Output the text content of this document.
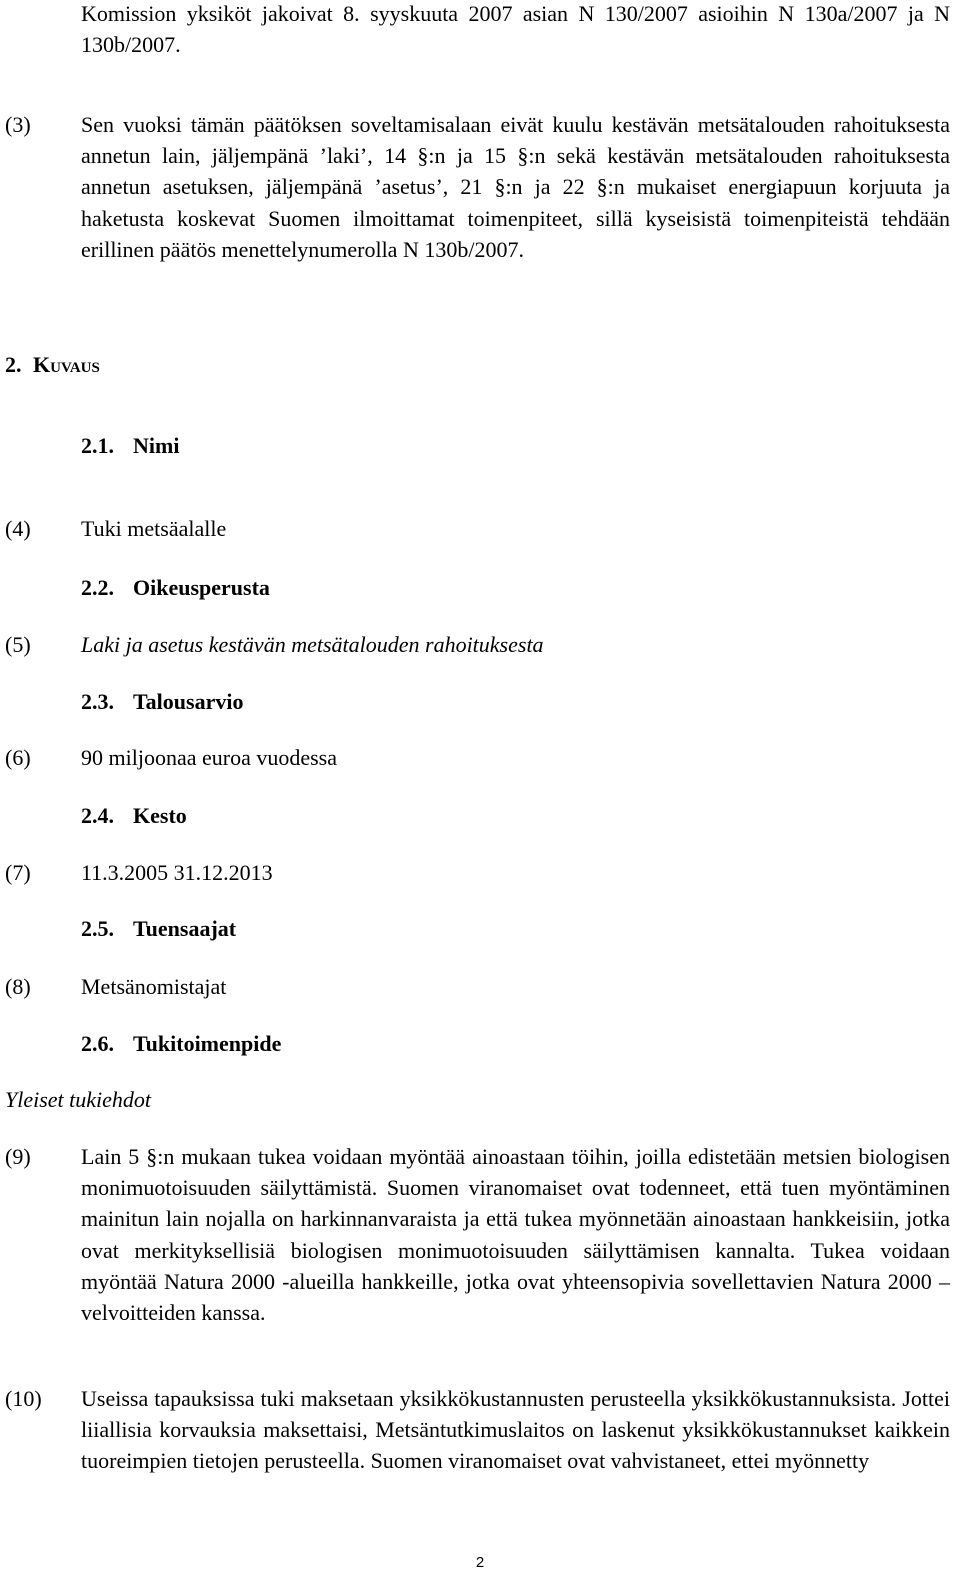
Komission yksiköt jakoivat 8. syyskuuta 2007 asian N 130/2007 asioihin N 130a/2007 ja N 130b/2007.
(3) Sen vuoksi tämän päätöksen soveltamisalaan eivät kuulu kestävän metsätalouden rahoituksesta annetun lain, jäljempänä ’laki’, 14 §:n ja 15 §:n sekä kestävän metsätalouden rahoituksesta annetun asetuksen, jäljempänä ’asetus’, 21 §:n ja 22 §:n mukaiset energiapuun korjuuta ja haketusta koskevat Suomen ilmoittamat toimenpiteet, sillä kyseisistä toimenpiteistä tehdään erillinen päätös menettelynumerolla N 130b/2007.
2. Kuvaus
2.1. Nimi
(4) Tuki metsäalalle
2.2. Oikeusperusta
(5) Laki ja asetus kestävän metsätalouden rahoituksesta
2.3. Talousarvio
(6) 90 miljoonaa euroa vuodessa
2.4. Kesto
(7) 11.3.2005 31.12.2013
2.5. Tuensaajat
(8) Metsänomistajat
2.6. Tukitoimenpide
Yleiset tukiehdot
(9) Lain 5 §:n mukaan tukea voidaan myöntää ainoastaan töihin, joilla edistetään metsien biologisen monimuotoisuuden säilyttämistä. Suomen viranomaiset ovat todenneet, että tuen myöntäminen mainitun lain nojalla on harkinnanvaraista ja että tukea myönnetään ainoastaan hankkeisiin, jotka ovat merkityksellisiä biologisen monimuotoisuuden säilyttämisen kannalta. Tukea voidaan myöntää Natura 2000 -alueilla hankkeille, jotka ovat yhteensopivia sovellettavien Natura 2000 –velvoitteiden kanssa.
(10) Useissa tapauksissa tuki maksetaan yksikkökustannusten perusteella yksikkökustannuksista. Jottei liiallisia korvauksia maksettaisi, Metsäntutkimuslaitos on laskenut yksikkökustannukset kaikkein tuoreimpien tietojen perusteella. Suomen viranomaiset ovat vahvistaneet, ettei myönnetty
2
